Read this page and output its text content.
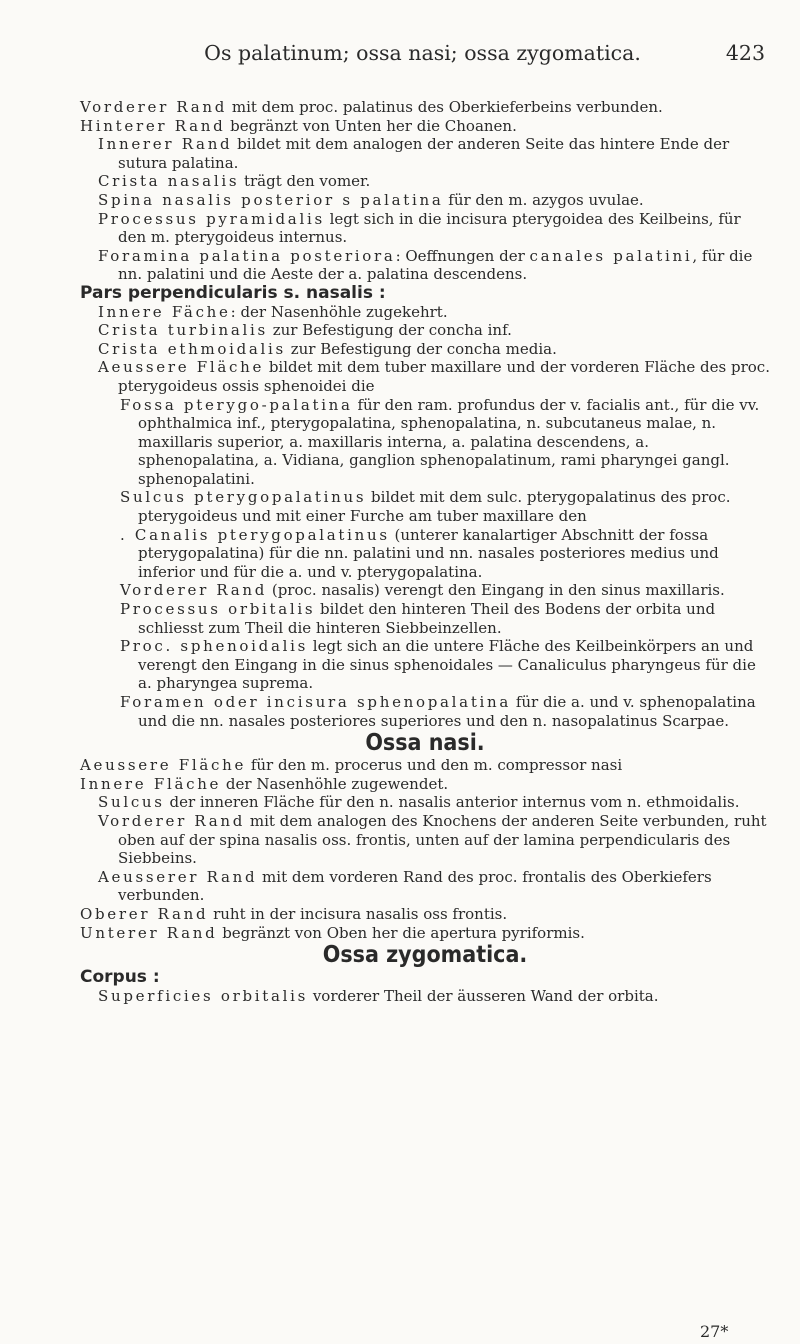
Os palatinum; ossa nasi; ossa zygomatica.	423

Vorderer Rand mit dem proc. palatinus des Oberkieferbeins verbunden.

Hinterer Rand begränzt von Unten her die Choanen.

Innerer Rand bildet mit dem analogen der anderen Seite das hintere Ende der sutura palatina.

Crista nasalis trägt den vomer.

Spina nasalis posterior s palatina für den m. azygos uvulae.

Processus pyramidalis legt sich in die incisura pterygoidea des Keilbeins, für den m. pterygoideus internus.

Foramina palatina posteriora: Oeffnungen der canales palatini, für die nn. palatini und die Aeste der a. palatina descendens.

Pars perpendicularis s. nasalis :

Innere Fäche: der Nasenhöhle zugekehrt.

Crista turbinalis zur Befestigung der concha inf.

Crista ethmoidalis zur Befestigung der concha media.

Aeussere Fläche bildet mit dem tuber maxillare und der vorderen Fläche des proc. pterygoideus ossis sphenoidei die

Fossa pterygo-palatina für den ram. profundus der v. facialis ant., für die vv. ophthalmica inf., pterygopalatina, sphenopalatina, n. subcutaneus malae, n. maxillaris superior, a. maxillaris interna, a. palatina descendens, a. sphenopalatina, a. Vidiana, ganglion sphenopalatinum, rami pharyngei gangl. sphenopalatini.

Sulcus pterygopalatinus bildet mit dem sulc. pterygopalatinus des proc. pterygoideus und mit einer Furche am tuber maxillare den

. Canalis pterygopalatinus (unterer kanalartiger Abschnitt der fossa pterygopalatina) für die nn. palatini und nn. nasales posteriores medius und inferior und für die a. und v. pterygopalatina.

Vorderer Rand (proc. nasalis) verengt den Eingang in den sinus maxillaris.

Processus orbitalis bildet den hinteren Theil des Bodens der orbita und schliesst zum Theil die hinteren Siebbeinzellen.

Proc. sphenoidalis legt sich an die untere Fläche des Keilbeinkörpers an und verengt den Eingang in die sinus sphenoidales — Canaliculus pharyngeus für die a. pharyngea suprema.

Foramen oder incisura sphenopalatina für die a. und v. sphenopalatina und die nn. nasales posteriores superiores und den n. nasopalatinus Scarpae.

Ossa nasi.

Aeussere Fläche für den m. procerus und den m. compressor nasi

Innere Fläche der Nasenhöhle zugewendet.

Sulcus der inneren Fläche für den n. nasalis anterior internus vom n. ethmoidalis.

Vorderer Rand mit dem analogen des Knochens der anderen Seite verbunden, ruht oben auf der spina nasalis oss. frontis, unten auf der lamina perpendicularis des Siebbeins.

Aeusserer Rand mit dem vorderen Rand des proc. frontalis des Oberkiefers verbunden.

Oberer Rand ruht in der incisura nasalis oss frontis.

Unterer Rand begränzt von Oben her die apertura pyriformis.

Ossa zygomatica.

Corpus :

Superficies orbitalis vorderer Theil der äusseren Wand der orbita.

27*
